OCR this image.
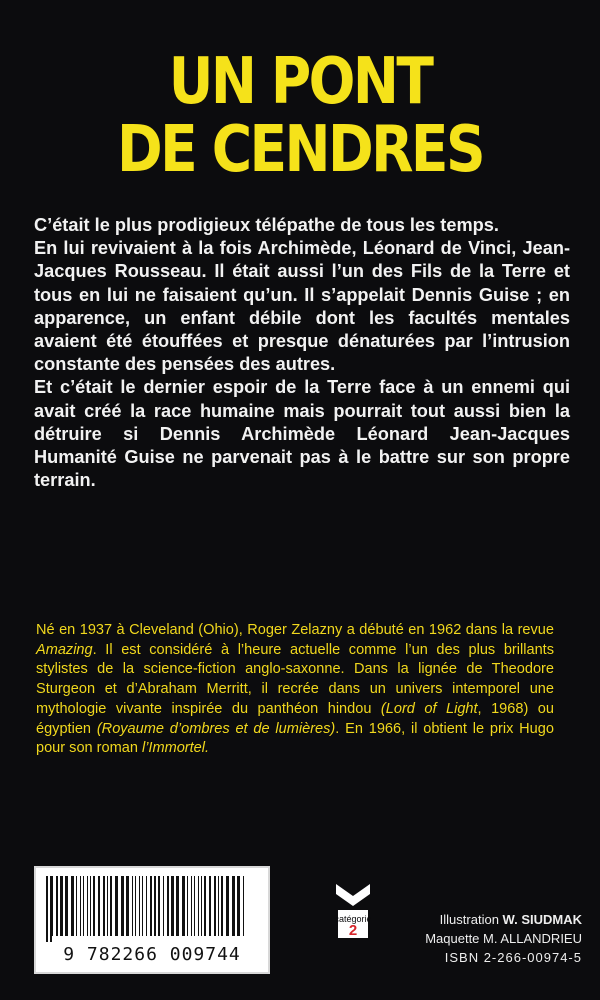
UN PONT
DE CENDRES

C’était le plus prodigieux télépathe de tous les temps.

En lui revivaient à la fois Archimède, Léonard de Vinci, Jean-Jacques Rousseau. Il était aussi l’un des Fils de la Terre et tous en lui ne faisaient qu’un. Il s’appelait Dennis Guise ; en apparence, un enfant débile dont les facultés mentales avaient été étouffées et presque dénaturées par l’intrusion constante des pensées des autres.

Et c’était le dernier espoir de la Terre face à un ennemi qui avait créé la race humaine mais pourrait tout aussi bien la détruire si Dennis Archimède Léonard Jean-Jacques Humanité Guise ne parvenait pas à le battre sur son propre terrain.

Né en 1937 à Cleveland (Ohio), Roger Zelazny a débuté en 1962 dans la revue Amazing. Il est considéré à l’heure actuelle comme l’un des plus brillants stylistes de la science-fiction anglo-saxonne. Dans la lignée de Theodore Sturgeon et d’Abraham Merritt, il recrée dans un univers intemporel une mythologie vivante inspirée du panthéon hindou (Lord of Light, 1968) ou égyptien (Royaume d’ombres et de lumières). En 1966, il obtient le prix Hugo pour son roman l’Immortel.

9 782266 009744
catégorie
2
Illustration W. SIUDMAK
Maquette M. ALLANDRIEU
ISBN 2-266-00974-5
